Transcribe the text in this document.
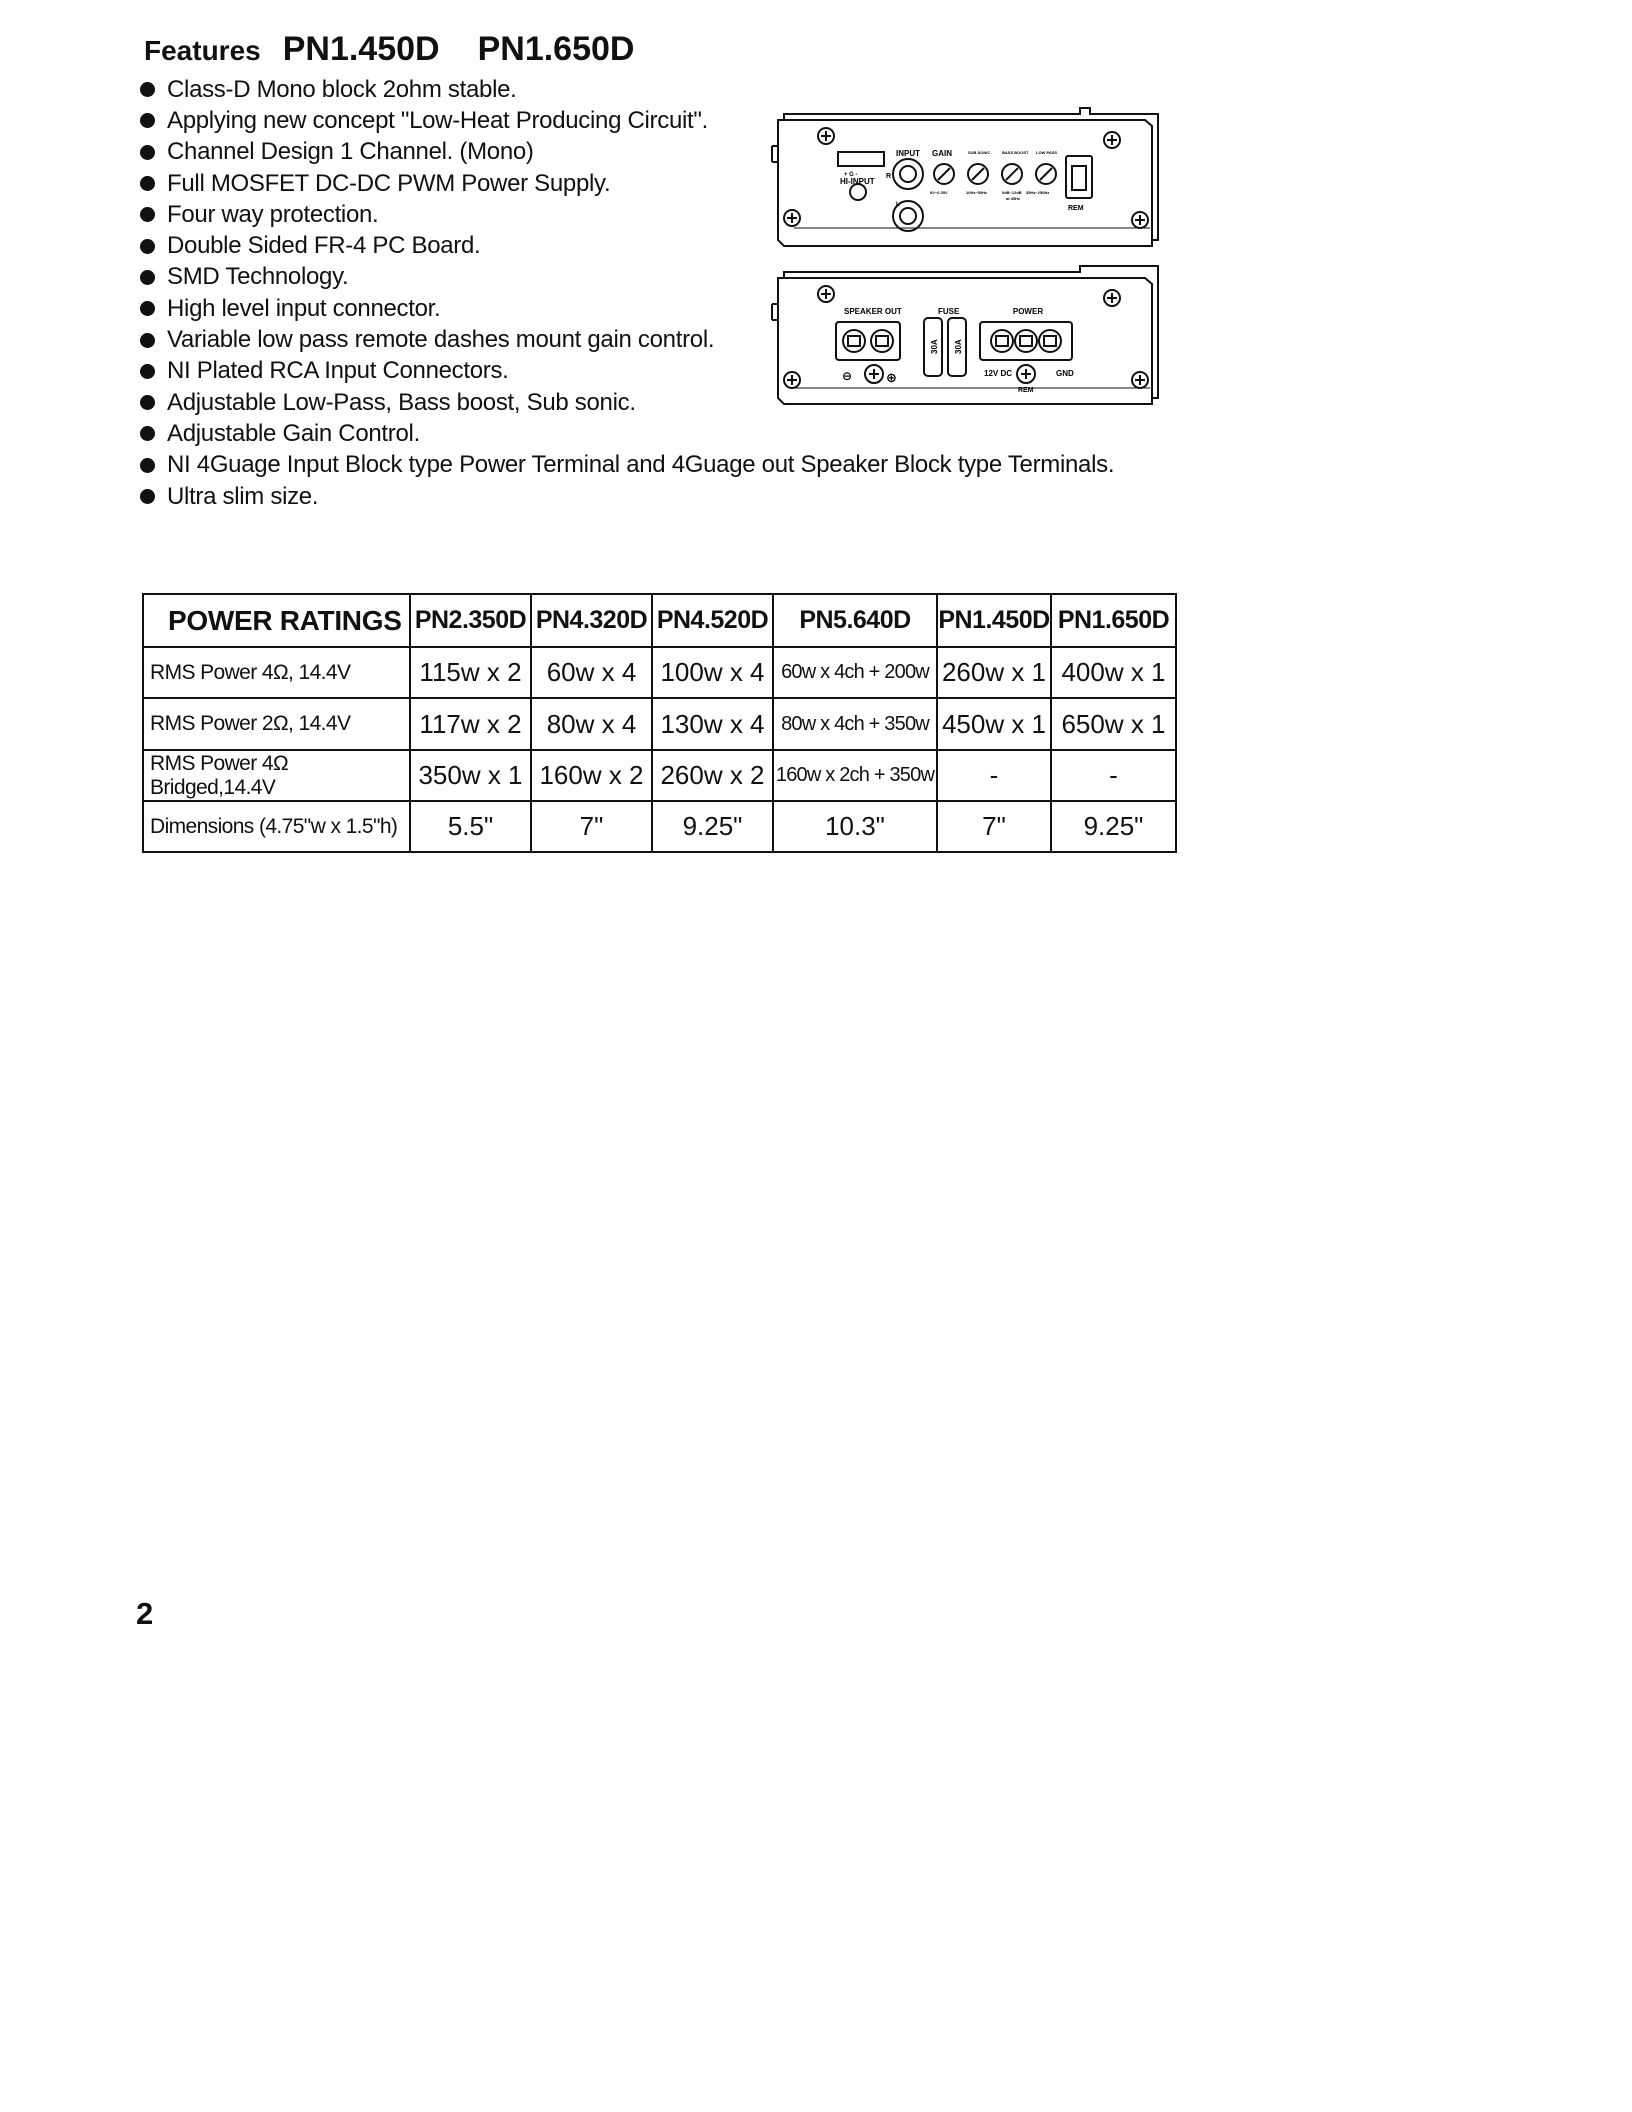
Features PN1.450D PN1.650D
Class-D Mono block 2ohm stable.
Applying new concept "Low-Heat Producing Circuit".
Channel Design 1 Channel. (Mono)
Full MOSFET DC-DC PWM Power Supply.
Four way protection.
Double Sided FR-4 PC Board.
SMD Technology.
High level input connector.
Variable low pass remote dashes mount gain control.
NI Plated RCA Input Connectors.
Adjustable Low-Pass, Bass boost, Sub sonic.
Adjustable Gain Control.
NI 4Guage Input Block type Power Terminal and 4Guage out Speaker Block type Terminals.
Ultra slim size.
INPUT GAIN	SUB SONIC	BASS BOOST LOW PASS
+ G -
HI-INPUT
R
L
8V~0.25V	10Hz~50Hz	0dB~12dB 35Hz~250Hz
at 45Hz
REM
SPEAKER OUT	FUSE	POWER
30A 30A
⊖	⊕	12V DC
REM
GND
POWER RATINGS	PN2.350D	PN4.320D	PN4.520D	PN5.640D	PN1.450D	PN1.650D
RMS Power 4Ω, 14.4V	115w x 2	60w x 4	100w x 4	60w x 4ch + 200w	260w x 1	400w x 1
RMS Power 2Ω, 14.4V	117w x 2	80w x 4	130w x 4	80w x 4ch + 350w	450w x 1	650w x 1
RMS Power 4Ω Bridged,14.4V	350w x 1	160w x 2	260w x 2	160w x 2ch + 350w	-	-
Dimensions (4.75"w x 1.5"h)	5.5"	7"	9.25"	10.3"	7"	9.25"
2
